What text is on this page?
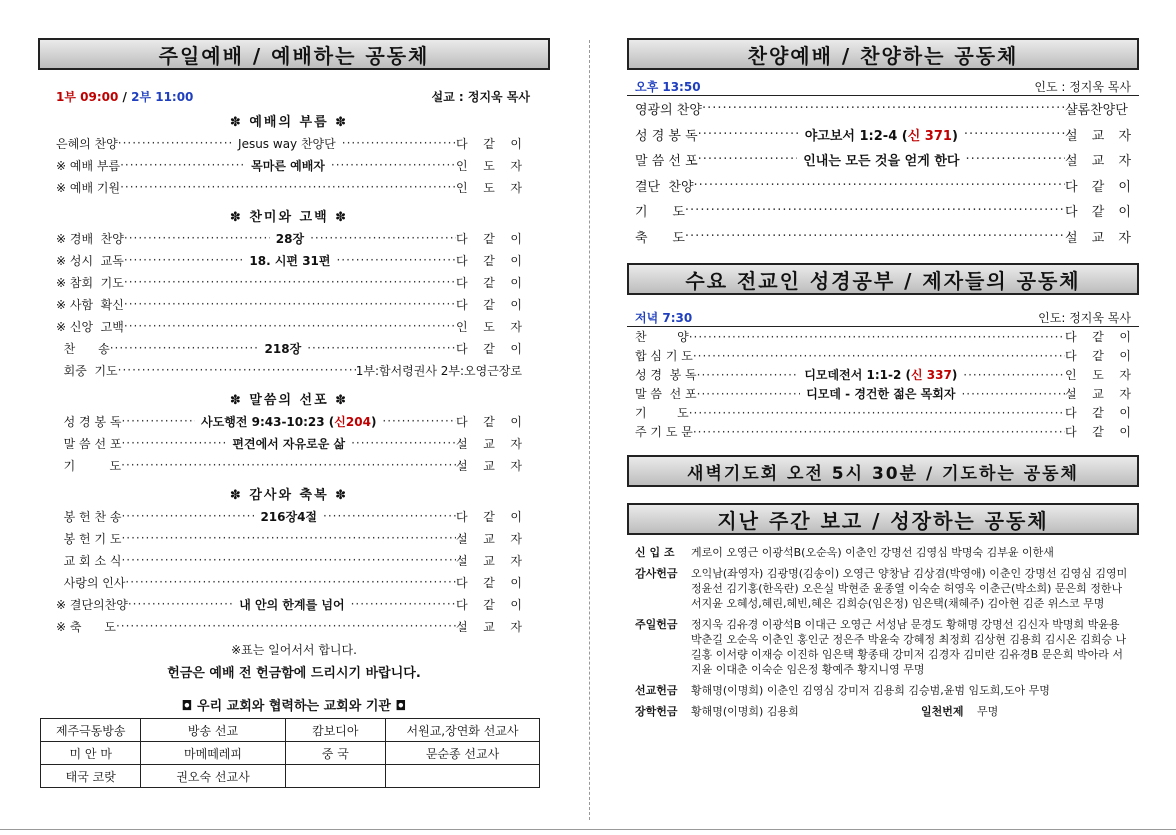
주일예배 / 예배하는 공동체
1부 09:00 / 2부 11:00	설교 : 정지욱 목사
✽ 예배의 부름 ✽
은혜의 찬양 ·····	Jesus way 찬양단 ·····	다 같 이
※ 예배 부름 ·····	목마른 예배자 ·····	인 도 자
※ 예배 기원 ·····	인 도 자
✽ 찬미와 고백 ✽
※ 경배  찬양 ·····	28장 ·····	다 같 이
※ 성시  교독 ·····	18. 시편 31편 ·····	다 같 이
※ 참회  기도 ·····	다 같 이
※ 사함  확신 ·····	다 같 이
※ 신앙  고백 ·····	인 도 자
찬      송 ·····	218장 ·····	다 같 이
회중  기도 ·····	1부:함서령권사 2부:오영근장로
✽ 말씀의 선포 ✽
성 경 봉 독 ·····	사도행전 9:43-10:23 (신204) ·····	다 같 이
말 씀 선 포 ·····	편견에서 자유로운 삶 ·····	설 교 자
기         도 ·····	설 교 자
✽ 감사와 축복 ✽
봉 헌 찬 송 ·····	216장4절 ·····	다 같 이
봉 헌 기 도 ·····	설 교 자
교 회 소 식 ·····	설 교 자
사랑의 인사 ·····	다 같 이
※ 결단의찬양 ·····	내 안의 한계를 넘어 ·····	다 같 이
※ 축      도 ·····	설 교 자
※표는 일어서서 합니다.
헌금은 예배 전 헌금함에 드리시기 바랍니다.
◘ 우리 교회와 협력하는 교회와 기관 ◘
제주극동방송	방송 선교	캄보디아	서원교,장연화 선교사
미 안 마	마메떼레피	중 국	문순종 선교사
태국 코랏	권오숙 선교사		
찬양예배 / 찬양하는 공동체
오후 13:50	인도 : 정지욱 목사
영광의 찬양 ·····	샬롬찬양단
성 경 봉 독 ·····	야고보서 1:2-4 (신 371) ·····	설 교 자
말 씀 선 포 ·····	인내는 모든 것을 얻게 한다 ·····	설 교 자
결단  찬양 ·····	다 같 이
기      도 ·····	다 같 이
축      도 ·····	설 교 자
수요 전교인 성경공부 / 제자들의 공동체
저녁 7:30	인도: 정지욱 목사
찬        양 ·····	다 같 이
합 심 기 도 ·····	다 같 이
성 경  봉 독 ·····	디모데전서 1:1-2 (신 337) ·····	인 도 자
말 씀  선 포 ·····	디모데 - 경건한 젊은 목회자 ·····	설 교 자
기        도 ·····	다 같 이
주 기 도 문 ·····	다 같 이
새벽기도회 오전 5시 30분 / 기도하는 공동체
지난 주간 보고 / 성장하는 공동체
신 입 조	게로이 오영근 이광석B(오순옥) 이춘인 강명선 김영심 박명숙 김부윤 이한새
감사헌금	오익남(좌영자) 김광명(김송이) 오영근 양창남 김상겸(박영애) 이춘인 강명선 김영심 김영미 정윤선 김기홍(한옥란) 오은실 박현준 윤종열 이숙순 허영옥 이춘근(박소희) 문은희 정한나 서지윤 오혜성,혜린,혜빈,혜은 김희승(임은정) 임은택(채혜주) 김아현 김준 위스코 무명
주일헌금	정지욱 김유경 이광석B 이대근 오영근 서성남 문경도 황해명 강명선 김신자 박명희 박윤용 박춘길 오순옥 이춘인 홍인군 정은주 박윤숙 강혜정 최정희 김상현 김용희 김시온 김희승 나길홍 이서량 이재승 이진하 임은택 황종태 강미저 김경자 김미란 김유경B 문은희 박아라 서지윤 이대춘 이숙순 임은정 황예주 황지니영 무명
선교헌금	황해명(이명희) 이춘인 김영심 강미저 김용희 김승범,윤범 임도희,도아 무명
장학헌금	황해명(이명희) 김용희	일천번제	무명
